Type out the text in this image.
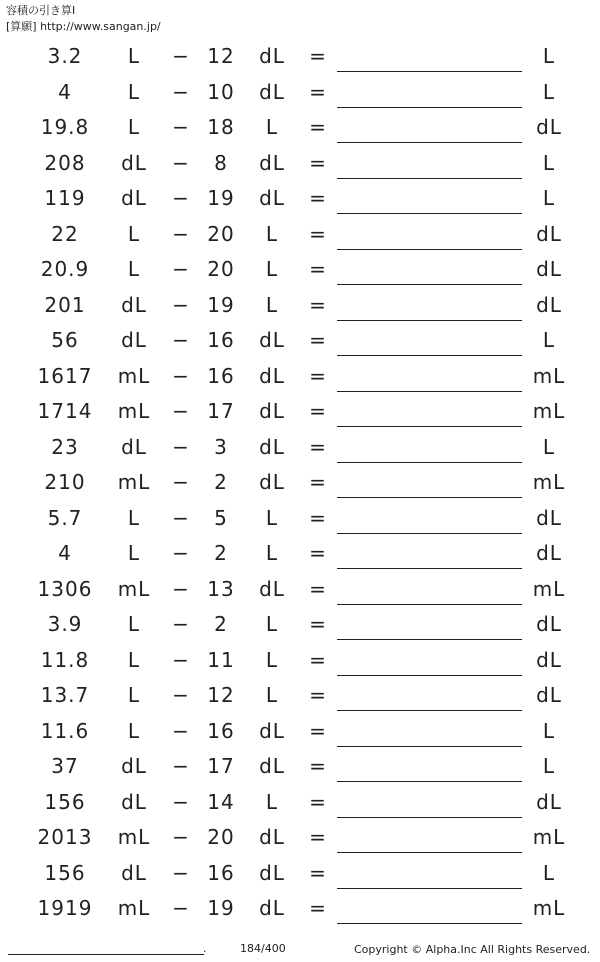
容積の引き算I
[算願] http://www.sangan.jp/
3.2	L	− 12	dL	=	L
4	L	− 10	dL	=	L
19.8	L	− 18	L	=	dL
208	dL	−	8	dL	=	L
119	dL	− 19	dL	=	L
22	L	− 20	L	=	dL
20.9	L	− 20	L	=	dL
201	dL	− 19	L	=	dL
56	dL	− 16	dL	=	L
1617	mL − 16	dL	=	mL
1714	mL − 17	dL	=	mL
23	dL	−	3	dL	=	L
210	mL −	2	dL	=	mL
5.7	L	−	5	L	=	dL
4	L	−	2	L	=	dL
1306	mL − 13	dL	=	mL
3.9	L	−	2	L	=	dL
11.8	L	− 11	L	=	dL
13.7	L	− 12	L	=	dL
11.6	L	− 16	dL	=	L
37	dL	− 17	dL	=	L
156	dL	− 14	L	=	dL
2013	mL − 20	dL	=	mL
156	dL	− 16	dL	=	L
1919	mL − 19	dL	=	mL
.	184/400	Copyright © Alpha.Inc All Rights Reserved.
